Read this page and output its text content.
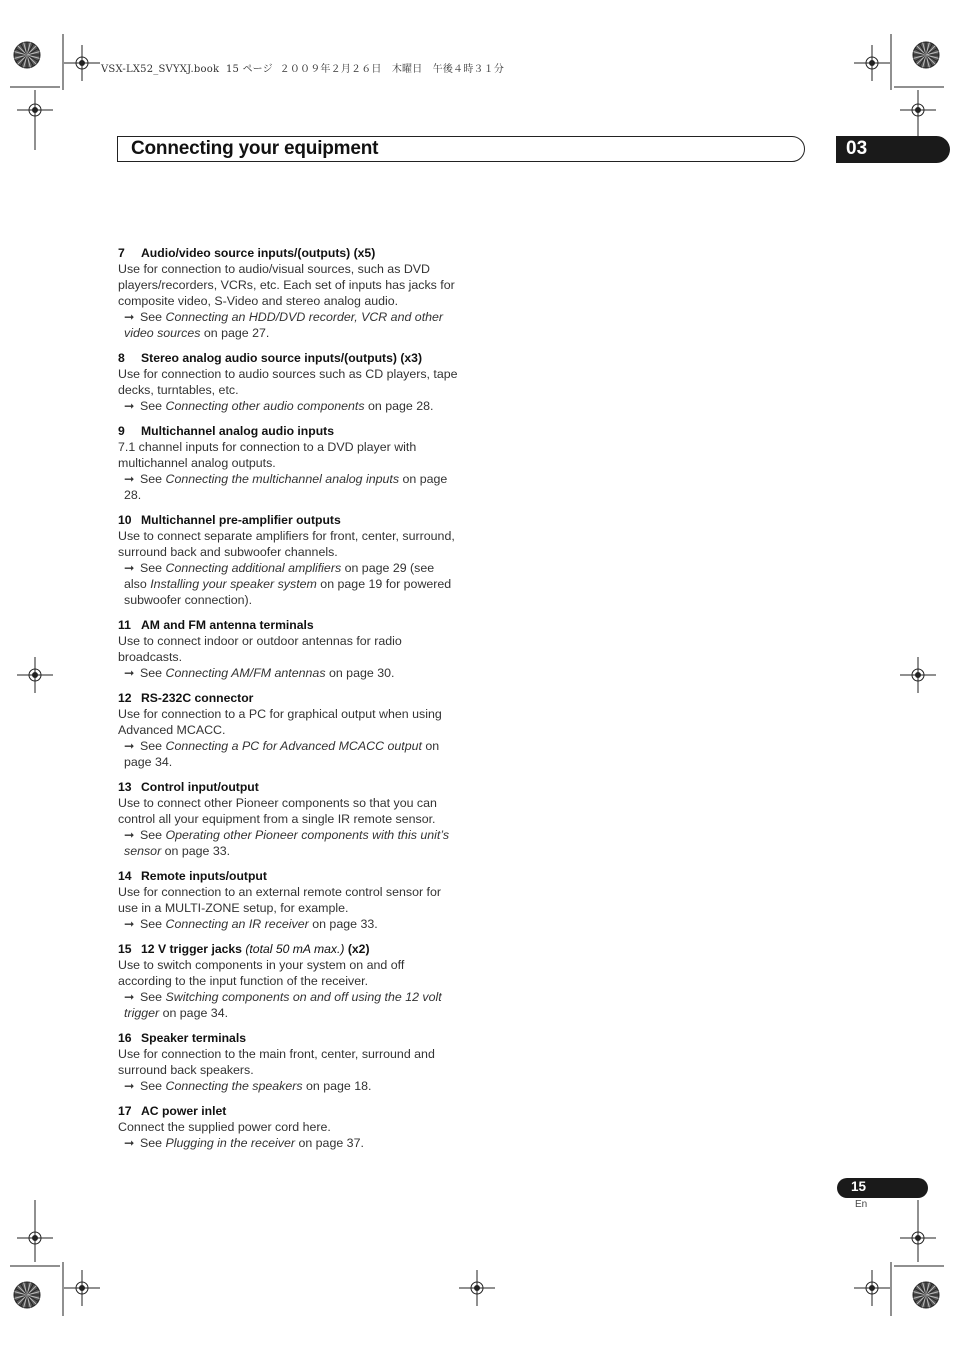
VSX-LX52_SVYXJ.book  15 ページ  ２００９年２月２６日　木曜日　午後４時３１分
Connecting your equipment	03
7 Audio/video source inputs/(outputs) (x5)

Use for connection to audio/visual sources, such as DVD players/recorders, VCRs, etc. Each set of inputs has jacks for composite video, S-Video and stereo analog audio.

➞ See Connecting an HDD/DVD recorder, VCR and other video sources on page 27.

8 Stereo analog audio source inputs/(outputs) (x3)

Use for connection to audio sources such as CD players, tape decks, turntables, etc.

➞ See Connecting other audio components on page 28.

9 Multichannel analog audio inputs

7.1 channel inputs for connection to a DVD player with multichannel analog outputs.

➞ See Connecting the multichannel analog inputs on page 28.

10 Multichannel pre-amplifier outputs

Use to connect separate amplifiers for front, center, surround, surround back and subwoofer channels.

➞ See Connecting additional amplifiers on page 29 (see also Installing your speaker system on page 19 for powered subwoofer connection).

11 AM and FM antenna terminals

Use to connect indoor or outdoor antennas for radio broadcasts.

➞ See Connecting AM/FM antennas on page 30.

12 RS-232C connector

Use for connection to a PC for graphical output when using Advanced MCACC.

➞ See Connecting a PC for Advanced MCACC output on page 34.

13 Control input/output

Use to connect other Pioneer components so that you can control all your equipment from a single IR remote sensor.

➞ See Operating other Pioneer components with this unit’s sensor on page 33.

14 Remote inputs/output

Use for connection to an external remote control sensor for use in a MULTI-ZONE setup, for example.

➞ See Connecting an IR receiver on page 33.

15 12 V trigger jacks (total 50 mA max.) (x2)

Use to switch components in your system on and off according to the input function of the receiver.

➞ See Switching components on and off using the 12 volt trigger on page 34.

16 Speaker terminals

Use for connection to the main front, center, surround and surround back speakers.

➞ See Connecting the speakers on page 18.

17 AC power inlet

Connect the supplied power cord here.

➞ See Plugging in the receiver on page 37.

15
En
